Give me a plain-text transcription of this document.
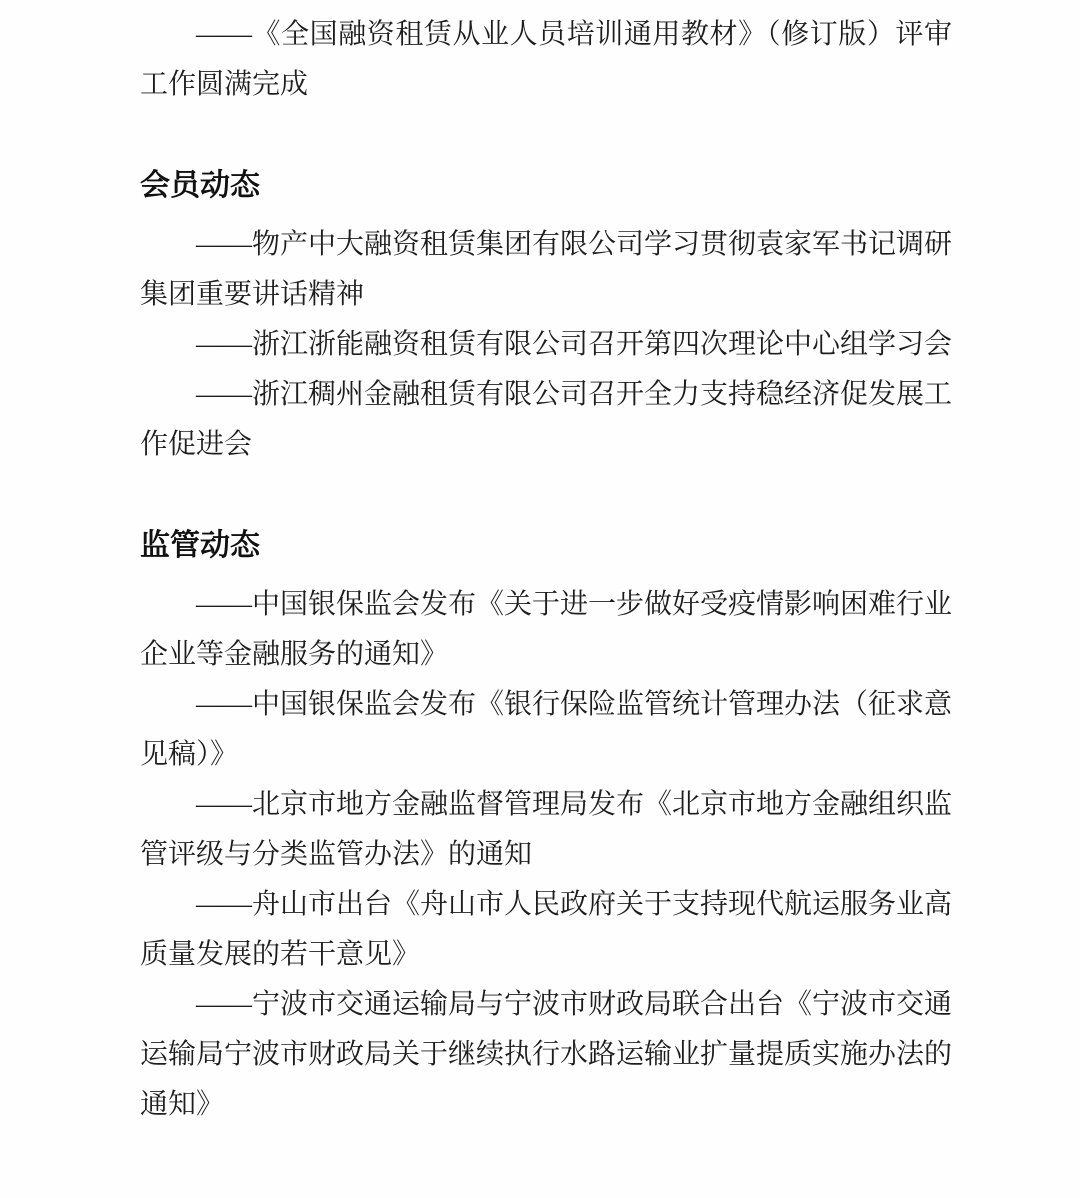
——《全国融资租赁从业人员培训通用教材》（修订版）评审工作圆满完成

会员动态

——物产中大融资租赁集团有限公司学习贯彻袁家军书记调研集团重要讲话精神

——浙江浙能融资租赁有限公司召开第四次理论中心组学习会

——浙江稠州金融租赁有限公司召开全力支持稳经济促发展工作促进会

监管动态

——中国银保监会发布《关于进一步做好受疫情影响困难行业企业等金融服务的通知》

——中国银保监会发布《银行保险监管统计管理办法（征求意见稿）》

——北京市地方金融监督管理局发布《北京市地方金融组织监管评级与分类监管办法》的通知

——舟山市出台《舟山市人民政府关于支持现代航运服务业高质量发展的若干意见》

——宁波市交通运输局与宁波市财政局联合出台《宁波市交通运输局宁波市财政局关于继续执行水路运输业扩量提质实施办法的通知》
